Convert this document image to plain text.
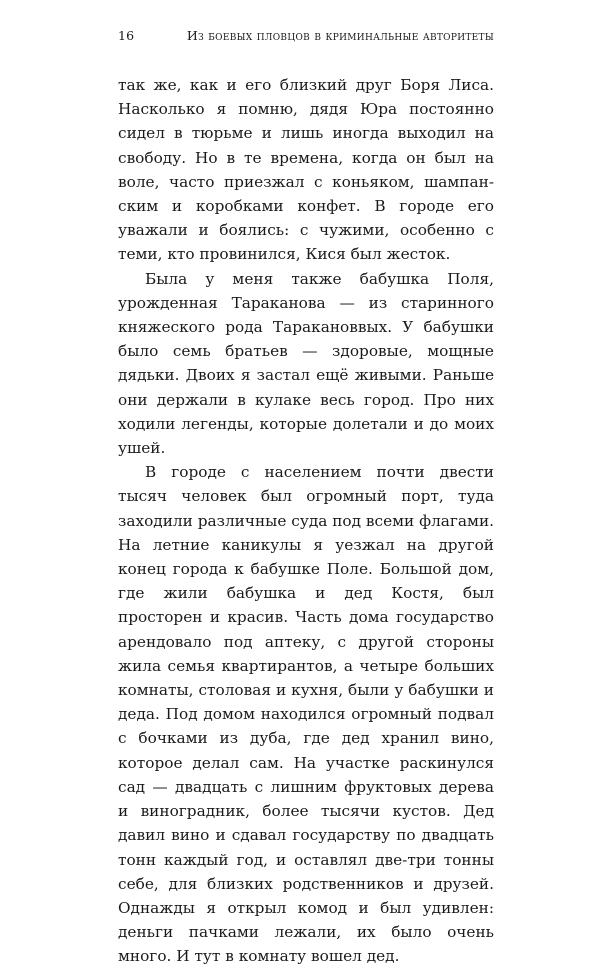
16	Из боевых пловцов в криминальные авторитеты

так же, как и его близкий друг Боря Лиса. Насколько я помню, дядя Юра постоянно сидел в тюрьме и лишь иногда выходил на свободу. Но в те времена, когда он был на воле, часто приезжал с коньяком, шампанским и коробками конфет. В городе его уважали и боялись: с чужими, особенно с теми, кто провинился, Кися был жесток.

Была у меня также бабушка Поля, урожденная Тараканова — из старинного княжеского рода Таракановвых. У бабушки было семь братьев — здоровые, мощные дядьки. Двоих я застал ещё живыми. Раньше они держали в кулаке весь город. Про них ходили легенды, которые долетали и до моих ушей.

В городе с населением почти двести тысяч человек был огромный порт, туда заходили различные суда под всеми флагами. На летние каникулы я уезжал на другой конец города к бабушке Поле. Большой дом, где жили бабушка и дед Костя, был просторен и красив. Часть дома государство арендовало под аптеку, с другой стороны жила семья квартирантов, а четыре больших комнаты, столовая и кухня, были у бабушки и деда. Под домом находился огромный подвал с бочками из дуба, где дед хранил вино, которое делал сам. На участке раскинулся сад — двадцать с лишним фруктовых дерева и виноградник, более тысячи кустов. Дед давил вино и сдавал государству по двадцать тонн каждый год, и оставлял две-три тонны себе, для близких родственников и друзей. Однажды я открыл комод и был удивлен: деньги пачками лежали, их было очень много. И тут в комнату вошел дед.
